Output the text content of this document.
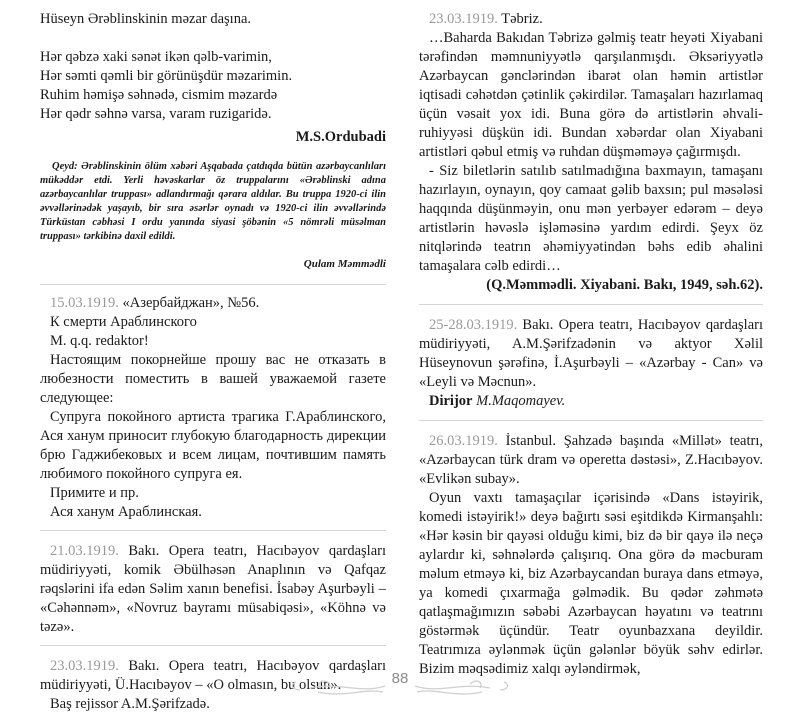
Hüseyn Ərəblinskinin məzar daşına.

Hər qəbzə xaki sənət ikən qəlb-varimin,

Hər səmti qəmli bir görünüşdür məzarimin.

Ruhim həmişə səhnədə, cismim məzardə

Hər qədr səhnə varsa, varam ruzigaridə.

M.S.Ordubadi

Qeyd: Ərəblinskinin ölüm xəbəri Aşqabada çatdıqda bütün azərbaycanlıları mükəddər etdi. Yerli həvəskarlar öz truppalarını «Ərəblinski adına azərbaycanlılar truppası» adlandırmağı qərara aldılar. Bu truppa 1920-ci ilin əvvəllərinədək yaşayıb, bir sıra əsərlər oynadı və 1920-ci ilin əvvəllərində Türküstan cəbhəsi I ordu yanında siyasi şöbənin «5 nömrəli müsəlman truppası» tərkibinə daxil edildi.

Qulam Məmmədli

15.03.1919. «Азербайджан», №56.

К смерти Араблинского

М. q.q. redaktor!

Настоящим покорнейше прошу вас не отказать в любезности поместить в вашей уважаемой газете следующее:

Супруга покойного артиста трагика Г.Араблинского, Ася ханум приносит глубокую благодарность дирекции брю Гаджибековых и всем лицам, почтившим память любимого покойного супруга ея.

Примите и пр.

Ася ханум Араблинская.

21.03.1919. Bakı. Opera teatrı, Hacıbəyov qardaşları müdiriyyəti, komik Əbülhəsən Anaplının və Qafqaz rəqslərini ifa edən Səlim xanın benefisi. İsabəy Aşurbəyli – «Cəhənnəm», «Novruz bayramı müsabiqəsi», «Köhnə və təzə».

23.03.1919. Bakı. Opera teatrı, Hacıbəyov qardaşları müdiriyyəti, Ü.Hacıbəyov – «O olmasın, bu olsun».

Baş rejissor A.M.Şərifzadə.

23.03.1919. Təbriz.

…Baharda Bakıdan Təbrizə gəlmiş teatr heyəti Xiyabani tərəfindən məmnuniyyətlə qarşılanmışdı. Əksəriyyətlə Azərbaycan gənclərindən ibarət olan həmin artistlər iqtisadi cəhətdən çətinlik çəkirdilər. Tamaşaları hazırlamaq üçün vəsait yox idi. Buna görə də artistlərin əhvali-ruhiyyəsi düşkün idi. Bundan xəbərdar olan Xiyabani artistləri qəbul etmiş və ruhdan düşməməyə çağırmışdı.

- Siz biletlərin satılıb satılmadığına baxmayın, tamaşanı hazırlayın, oynayın, qoy camaat gəlib baxsın; pul məsələsi haqqında düşünməyin, onu mən yerbəyer edərəm – deyə artistlərin həvəslə işləməsinə yardım edirdi. Şeyx öz nitqlərində teatrın əhəmiyyətindən bəhs edib əhalini tamaşalara cəlb edirdi…

(Q.Məmmədli. Xiyabani. Bakı, 1949, səh.62).

25-28.03.1919. Bakı. Opera teatrı, Hacıbəyov qardaşları müdiriyyəti, A.M.Şərifzadənin və aktyor Xəlil Hüseynovun şərəfinə, İ.Aşurbəyli – «Azərbay - Can» və «Leyli və Məcnun».

Dirijor M.Maqomayev.

26.03.1919. İstanbul. Şahzadə başında «Millət» teatrı, «Azərbaycan türk dram və operetta dəstəsi», Z.Hacıbəyov. «Evlikən subay».

Oyun vaxtı tamaşaçılar içərisində «Dans istəyirik, komedi istəyirik!» deyə bağırtı səsi eşitdikdə Kirmanşahlı: «Hər kəsin bir qayəsi olduğu kimi, biz də bir qayə ilə neçə aylardır ki, səhnələrdə çalışırıq. Ona görə də məcburam məlum etməyə ki, biz Azərbaycandan buraya dans etməyə, ya komedi çıxarmağa gəlmədik. Bu qədər zəhmətə qatlaşmağımızın səbəbi Azərbaycan həyatını və teatrını göstərmək üçündür. Teatr oyunbazxana deyildir. Teatrımıza əylənmək üçün gələnlər böyük səhv edirlər. Bizim məqsədimiz xalqı əyləndirmək,

88
